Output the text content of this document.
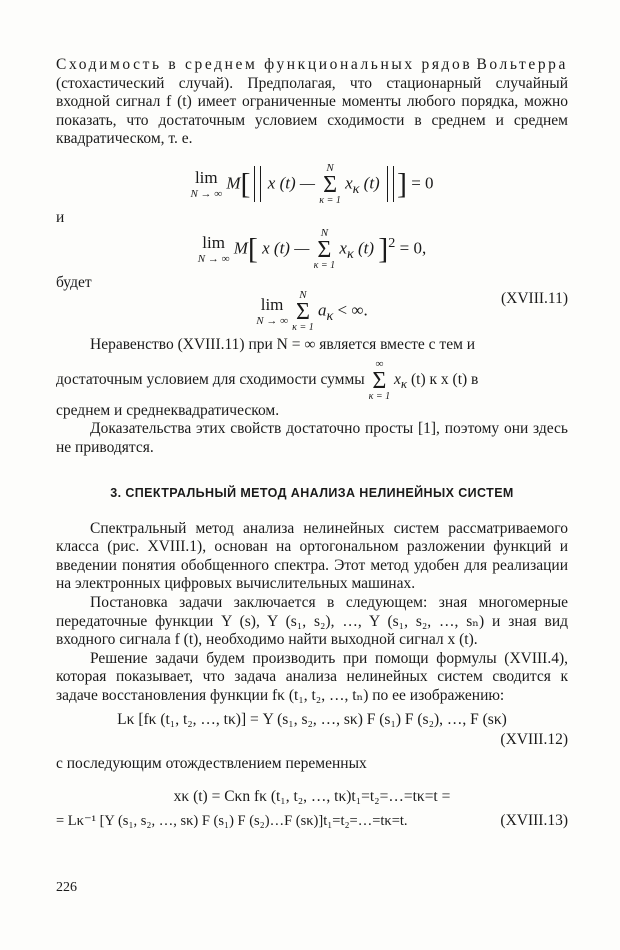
Сходимость в среднем функциональных рядов Вольтерра (стохастический случай). Предполагая, что стационарный случайный входной сигнал f (t) имеет ограниченные моменты любого порядка, можно показать, что достаточным условием сходимости в среднем и среднем квадратическом, т. е.

lim
N → ∞
M[ x (t) —
N
Σ
κ = 1
$x_\kappa$ (t) ] = 0

и

lim
N → ∞
M[ x (t) —
N
Σ
κ = 1
$x_\kappa$ (t) ]$^2$ = 0,

будет

lim
N → ∞

N
Σ
κ = 1
$a_\kappa$ < ∞.
(XVIII.11)

Неравенство (XVIII.11) при N = ∞ является вместе с тем и

достаточным условием для сходимости суммы
∞
Σ
κ = 1
$x_\kappa$ (t) к x (t) в

среднем и среднеквадратическом.

Доказательства этих свойств достаточно просты [1], поэтому они здесь не приводятся.

3. СПЕКТРАЛЬНЫЙ МЕТОД АНАЛИЗА НЕЛИНЕЙНЫХ СИСТЕМ

Спектральный метод анализа нелинейных систем рассматриваемого класса (рис. XVIII.1), основан на ортогональном разложении функций и введении понятия обобщенного спектра. Этот метод удобен для реализации на электронных цифровых вычислительных машинах.

Постановка задачи заключается в следующем: зная многомерные передаточные функции Y (s), Y (s₁, s₂), …, Y (s₁, s₂, …, sₙ) и зная вид входного сигнала f (t), необходимо найти выходной сигнал x (t).

Решение задачи будем производить при помощи формулы (XVIII.4), которая показывает, что задача анализа нелинейных систем сводится к задаче восстановления функции fκ (t₁, t₂, …, tₙ) по ее изображению:

Lκ [fκ (t₁, t₂, …, tκ)] = Y (s₁, s₂, …, sκ) F (s₁) F (s₂), …, F (sκ)
(XVIII.12)

с последующим отождествлением переменных

xκ (t) = Cκn fκ (t₁, t₂, …, tκ)t₁=t₂=…=tκ=t =
= Lκ⁻¹ [Y (s₁, s₂, …, sκ) F (s₁) F (s₂)…F (sκ)]t₁=t₂=…=tκ=t.	(XVIII.13)
226
